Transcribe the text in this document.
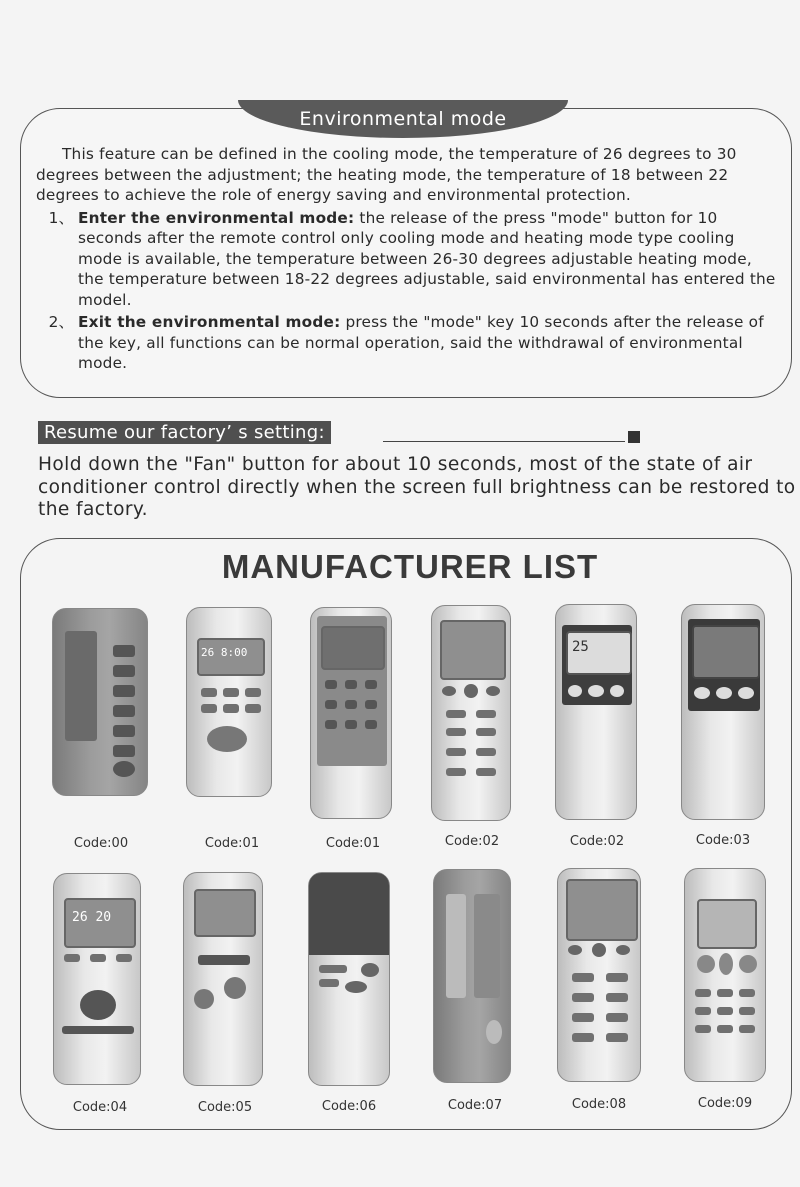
Environmental mode

This feature can be defined in the cooling mode, the temperature of 26 degrees to 30 degrees between the adjustment; the heating mode, the temperature of 18 between 22 degrees to achieve the role of energy saving and environmental protection.

1、 Enter the environmental mode: the release of the press "mode" button for 10 seconds after the remote control only cooling mode and heating mode type cooling mode is available, the temperature between 26-30 degrees adjustable heating mode, the temperature between 18-22 degrees adjustable, said environmental has entered the model.
2、 Exit the environmental mode: press the "mode" key 10 seconds after the release of the key, all functions can be normal operation, said the withdrawal of environmental mode.
Resume our factory’ s setting:

Hold down the "Fan" button for about 10 seconds, most of the state of air conditioner control directly when the screen full brightness can be restored to the factory.

MANUFACTURER LIST
Code:00
26 8:00
Code:01	Code:01	Code:02
25
Code:02	Code:03
26 20
Code:04	Code:05	Code:06	Code:07	Code:08	Code:09
